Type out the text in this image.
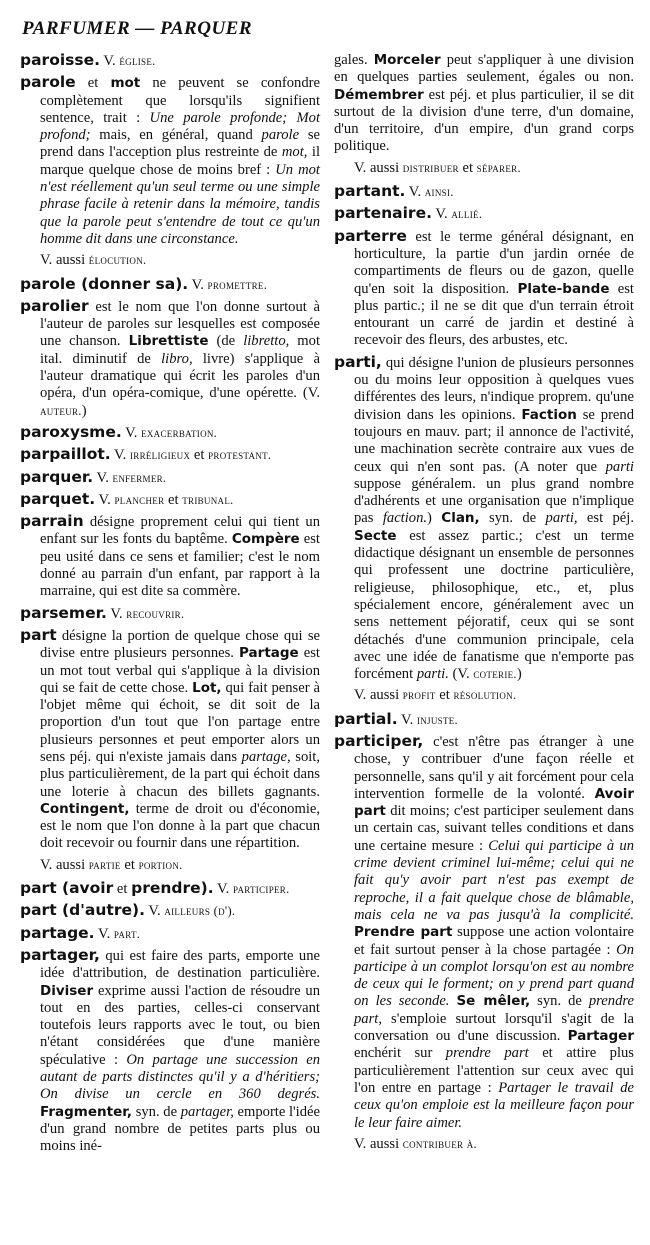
PARFUMER — PARQUER

paroisse. V. église.

parole et mot ne peuvent se confondre complètement que lorsqu'ils signifient sentence, trait : Une parole profonde; Mot profond; mais, en général, quand parole se prend dans l'acception plus restreinte de mot, il marque quelque chose de moins bref : Un mot n'est réellement qu'un seul terme ou une simple phrase facile à retenir dans la mémoire, tandis que la parole peut s'entendre de tout ce qu'un homme dit dans une circonstance.

V. aussi élocution.

parole (donner sa). V. promettre.

parolier est le nom que l'on donne surtout à l'auteur de paroles sur lesquelles est composée une chanson. Librettiste (de libretto, mot ital. diminutif de libro, livre) s'applique à l'auteur dramatique qui écrit les paroles d'un opéra, d'un opéra-comique, d'une opérette. (V. auteur.)

paroxysme. V. exacerbation.

parpaillot. V. irréligieux et protestant.

parquer. V. enfermer.

parquet. V. plancher et tribunal.

parrain désigne proprement celui qui tient un enfant sur les fonts du baptême. Compère est peu usité dans ce sens et familier; c'est le nom donné au parrain d'un enfant, par rapport à la marraine, qui est dite sa commère.

parsemer. V. recouvrir.

part désigne la portion de quelque chose qui se divise entre plusieurs personnes. Partage est un mot tout verbal qui s'applique à la division qui se fait de cette chose. Lot, qui fait penser à l'objet même qui échoit, se dit soit de la proportion d'un tout que l'on partage entre plusieurs personnes et peut emporter alors un sens péj. qui n'existe jamais dans partage, soit, plus particulièrement, de la part qui échoit dans une loterie à chacun des billets gagnants. Contingent, terme de droit ou d'économie, est le nom que l'on donne à la part que chacun doit recevoir ou fournir dans une répartition.

V. aussi partie et portion.

part (avoir et prendre). V. participer.

part (d'autre). V. ailleurs (d').

partage. V. part.

partager, qui est faire des parts, emporte une idée d'attribution, de destination particulière. Diviser exprime aussi l'action de résoudre un tout en des parties, celles-ci conservant toutefois leurs rapports avec le tout, ou bien n'étant considérées que d'une manière spéculative : On partage une succession en autant de parts distinctes qu'il y a d'héritiers; On divise un cercle en 360 degrés. Fragmenter, syn. de partager, emporte l'idée d'un grand nombre de petites parts plus ou moins iné-

gales. Morceler peut s'appliquer à une division en quelques parties seulement, égales ou non. Démembrer est péj. et plus particulier, il se dit surtout de la division d'une terre, d'un domaine, d'un territoire, d'un empire, d'un grand corps politique.

V. aussi distribuer et séparer.

partant. V. ainsi.

partenaire. V. allié.

parterre est le terme général désignant, en horticulture, la partie d'un jardin ornée de compartiments de fleurs ou de gazon, quelle qu'en soit la disposition. Plate-bande est plus partic.; il ne se dit que d'un terrain étroit entourant un carré de jardin et destiné à recevoir des fleurs, des arbustes, etc.

parti, qui désigne l'union de plusieurs personnes ou du moins leur opposition à quelques vues différentes des leurs, n'indique proprem. qu'une division dans les opinions. Faction se prend toujours en mauv. part; il annonce de l'activité, une machination secrète contraire aux vues de ceux qui n'en sont pas. (A noter que parti suppose généralem. un plus grand nombre d'adhérents et une organisation que n'implique pas faction.) Clan, syn. de parti, est péj. Secte est assez partic.; c'est un terme didactique désignant un ensemble de personnes qui professent une doctrine particulière, religieuse, philosophique, etc., et, plus spécialement encore, généralement avec un sens nettement péjoratif, ceux qui se sont détachés d'une communion principale, cela avec une idée de fanatisme que n'emporte pas forcément parti. (V. coterie.)

V. aussi profit et résolution.

partial. V. injuste.

participer, c'est n'être pas étranger à une chose, y contribuer d'une façon réelle et personnelle, sans qu'il y ait forcément pour cela intervention formelle de la volonté. Avoir part dit moins; c'est participer seulement dans un certain cas, suivant telles conditions et dans une certaine mesure : Celui qui participe à un crime devient criminel lui-même; celui qui ne fait qu'y avoir part n'est pas exempt de reproche, il a fait quelque chose de blâmable, mais cela ne va pas jusqu'à la complicité. Prendre part suppose une action volontaire et fait surtout penser à la chose partagée : On participe à un complot lorsqu'on est au nombre de ceux qui le forment; on y prend part quand on les seconde. Se mêler, syn. de prendre part, s'emploie surtout lorsqu'il s'agit de la conversation ou d'une discussion. Partager enchérit sur prendre part et attire plus particulièrement l'attention sur ceux avec qui l'on entre en partage : Partager le travail de ceux qu'on emploie est la meilleure façon pour le leur faire aimer.

V. aussi contribuer à.
